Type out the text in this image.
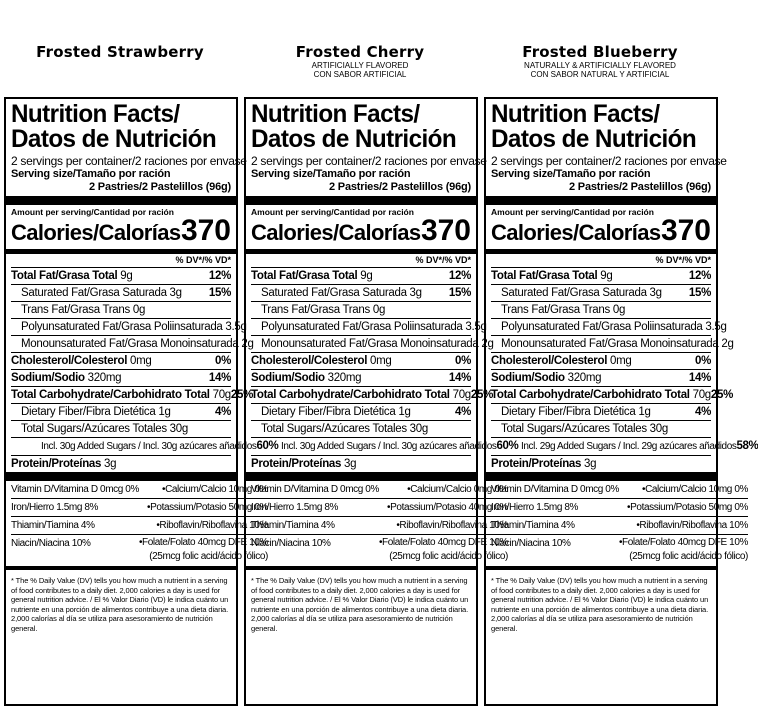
Frosted Strawberry
Nutrition Facts/
Datos de Nutrición
2 servings per container/2 raciones por envase
Serving size/Tamaño por ración
2 Pastries/2 Pastelillos (96g)
Amount per serving/Cantidad por ración
Calories/Calorías 370
% DV*/% VD*
Total Fat/Grasa Total 9g	12%
Saturated Fat/Grasa Saturada 3g 15%
Trans Fat/Grasa Trans 0g
Polyunsaturated Fat/Grasa Poliinsaturada 3.5g
Monounsaturated Fat/Grasa Monoinsaturada 2g
Cholesterol/Colesterol 0mg	0%
Sodium/Sodio 320mg	14%
Total Carbohydrate/Carbohidrato Total 70g 25%
Dietary Fiber/Fibra Dietética 1g	4%
Total Sugars/Azúcares Totales 30g
Incl. 30g Added Sugars / Incl. 30g azúcares añadidos 60%
Protein/Proteínas 3g
Vitamin D/Vitamina D 0mcg 0%	• Calcium/Calcio 10mg 0%
Iron/Hierro 1.5mg 8%	• Potassium/Potasio 50mg 0%
Thiamin/Tiamina 4%	• Riboflavin/Riboflavina 10%
Niacin/Niacina 10%	• Folate/Folato 40mcg DFE 10%
(25mcg folic acid/ácido fólico)
* The % Daily Value (DV) tells you how much a nutrient in a serving of food contributes to a daily diet. 2,000 calories a day is used for general nutrition advice. / El % Valor Diario (VD) le indica cuánto un nutriente en una porción de alimentos contribuye a una dieta diaria. 2,000 calorías al día se utiliza para asesoramiento de nutrición general.
Frosted Cherry
ARTIFICIALLY FLAVORED
CON SABOR ARTIFICIAL
Nutrition Facts/
Datos de Nutrición
2 servings per container/2 raciones por envase
Serving size/Tamaño por ración
2 Pastries/2 Pastelillos (96g)
Amount per serving/Cantidad por ración
Calories/Calorías 370
% DV*/% VD*
Total Fat/Grasa Total 9g	12%
Saturated Fat/Grasa Saturada 3g 15%
Trans Fat/Grasa Trans 0g
Polyunsaturated Fat/Grasa Poliinsaturada 3.5g
Monounsaturated Fat/Grasa Monoinsaturada 2g
Cholesterol/Colesterol 0mg	0%
Sodium/Sodio 320mg	14%
Total Carbohydrate/Carbohidrato Total 70g 25%
Dietary Fiber/Fibra Dietética 1g	4%
Total Sugars/Azúcares Totales 30g
Incl. 30g Added Sugars / Incl. 30g azúcares añadidos 60%
Protein/Proteínas 3g
Vitamin D/Vitamina D 0mcg 0%	• Calcium/Calcio 0mg 0%
Iron/Hierro 1.5mg 8%	• Potassium/Potasio 40mg 0%
Thiamin/Tiamina 4%	• Riboflavin/Riboflavina 10%
Niacin/Niacina 10%	• Folate/Folato 40mcg DFE 10%
(25mcg folic acid/ácido fólico)
* The % Daily Value (DV) tells you how much a nutrient in a serving of food contributes to a daily diet. 2,000 calories a day is used for general nutrition advice. / El % Valor Diario (VD) le indica cuánto un nutriente en una porción de alimentos contribuye a una dieta diaria. 2,000 calorías al día se utiliza para asesoramiento de nutrición general.
Frosted Blueberry
NATURALLY & ARTIFICIALLY FLAVORED
CON SABOR NATURAL Y ARTIFICIAL
Nutrition Facts/
Datos de Nutrición
2 servings per container/2 raciones por envase
Serving size/Tamaño por ración
2 Pastries/2 Pastelillos (96g)
Amount per serving/Cantidad por ración
Calories/Calorías 370
% DV*/% VD*
Total Fat/Grasa Total 9g	12%
Saturated Fat/Grasa Saturada 3g 15%
Trans Fat/Grasa Trans 0g
Polyunsaturated Fat/Grasa Poliinsaturada 3.5g
Monounsaturated Fat/Grasa Monoinsaturada 2g
Cholesterol/Colesterol 0mg	0%
Sodium/Sodio 320mg	14%
Total Carbohydrate/Carbohidrato Total 70g 25%
Dietary Fiber/Fibra Dietética 1g	4%
Total Sugars/Azúcares Totales 30g
Incl. 29g Added Sugars / Incl. 29g azúcares añadidos 58%
Protein/Proteínas 3g
Vitamin D/Vitamina D 0mcg 0%	• Calcium/Calcio 10mg 0%
Iron/Hierro 1.5mg 8%	• Potassium/Potasio 50mg 0%
Thiamin/Tiamina 4%	• Riboflavin/Riboflavina 10%
Niacin/Niacina 10%	• Folate/Folato 40mcg DFE 10%
(25mcg folic acid/ácido fólico)
* The % Daily Value (DV) tells you how much a nutrient in a serving of food contributes to a daily diet. 2,000 calories a day is used for general nutrition advice. / El % Valor Diario (VD) le indica cuánto un nutriente en una porción de alimentos contribuye a una dieta diaria. 2,000 calorías al día se utiliza para asesoramiento de nutrición general.
